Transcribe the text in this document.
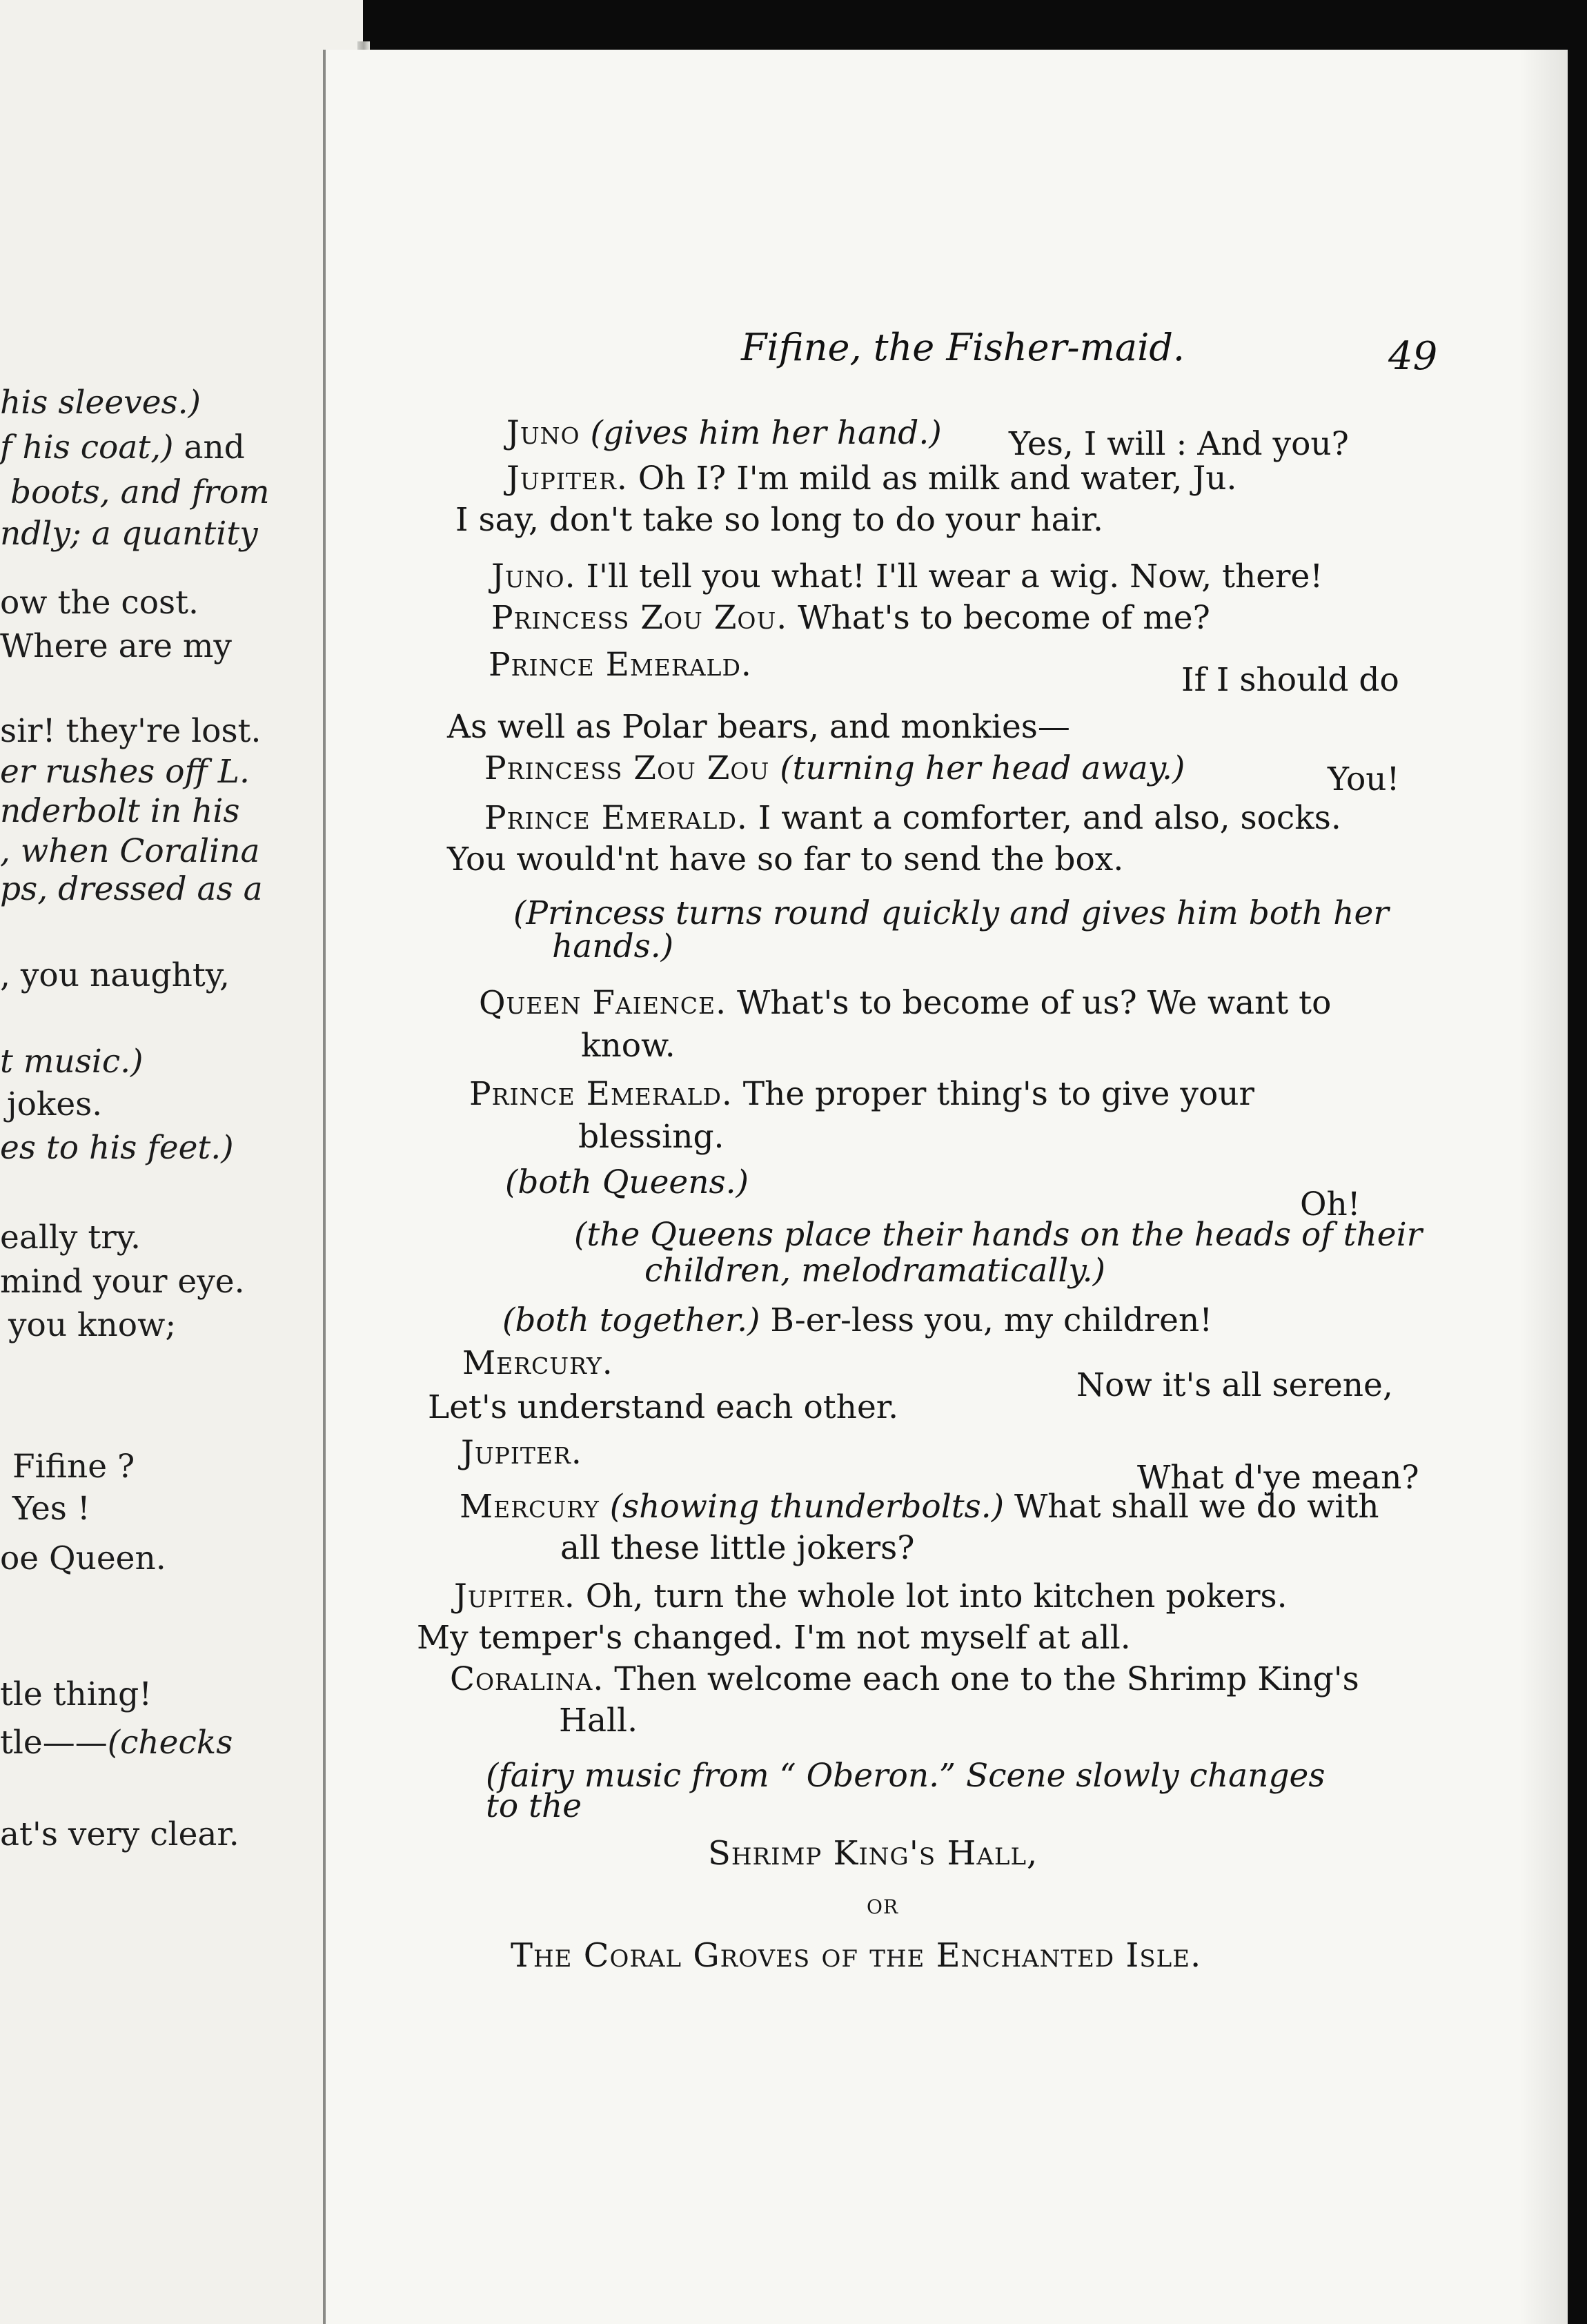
his sleeves.)
f his coat,) and
boots, and from
ndly; a quantity
ow the cost.
Where are my
sir! they're lost.
er rushes off L.
nderbolt in his
, when Coralina
ps, dressed as a
, you naughty,
t music.)
jokes.
es to his feet.)
eally try.
mind your eye.
you know;
Fifine ?
Yes !
oe Queen.
tle thing!
tle——(checks
at's very clear.
Fifine, the Fisher-maid.	49
Juno (gives him her hand.) Yes, I will : And you?
Jupiter. Oh I? I'm mild as milk and water, Ju.
I say, don't take so long to do your hair.
Juno. I'll tell you what! I'll wear a wig. Now, there!
Princess Zou Zou. What's to become of me?
Prince Emerald.	If I should do
As well as Polar bears, and monkies—
Princess Zou Zou (turning her head away.)	You!
Prince Emerald. I want a comforter, and also, socks.
You would'nt have so far to send the box.
(Princess turns round quickly and gives him both her
hands.)
Queen Faience. What's to become of us? We want to
know.
Prince Emerald. The proper thing's to give your
blessing.
(both Queens.)
Oh!
(the Queens place their hands on the heads of their
children, melodramatically.)
(both together.) B-er-less you, my children!
Mercury.
Now it's all serene,
Let's understand each other.
Jupiter.
What d'ye mean?
Mercury (showing thunderbolts.) What shall we do with
all these little jokers?
Jupiter. Oh, turn the whole lot into kitchen pokers.
My temper's changed. I'm not myself at all.
Coralina. Then welcome each one to the Shrimp King's
Hall.
(fairy music from “ Oberon.” Scene slowly changes
to the
Shrimp King's Hall,
or
The Coral Groves of the Enchanted Isle.
